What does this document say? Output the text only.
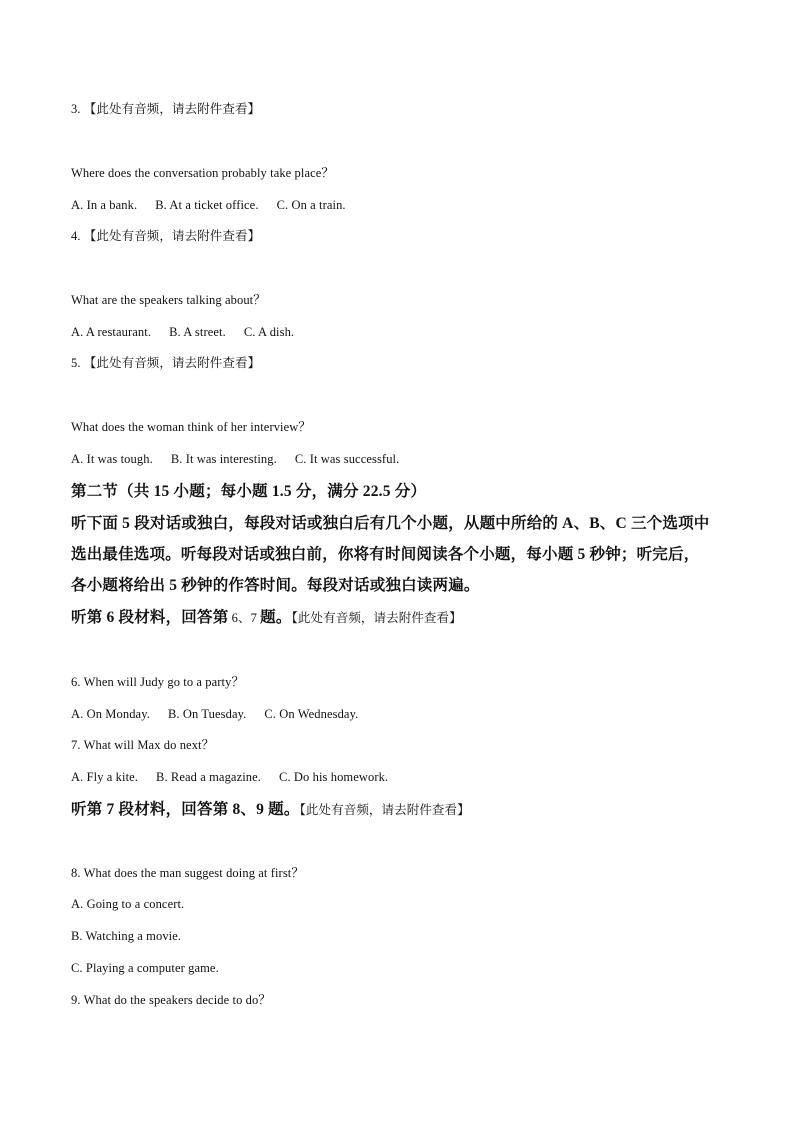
3. 【此处有音频，请去附件查看】
Where does the conversation probably take place？
A. In a bank. B. At a ticket office. C. On a train.
4. 【此处有音频，请去附件查看】
What are the speakers talking about？
A. A restaurant. B. A street. C. A dish.
5. 【此处有音频，请去附件查看】
What does the woman think of her interview？
A. It was tough. B. It was interesting. C. It was successful.
第二节（共 15 小题；每小题 1.5 分，满分 22.5 分）
听下面 5 段对话或独白，每段对话或独白后有几个小题，从题中所给的 A、B、C 三个选项中
选出最佳选项。听每段对话或独白前，你将有时间阅读各个小题，每小题 5 秒钟；听完后，
各小题将给出 5 秒钟的作答时间。每段对话或独白读两遍。
听第 6 段材料，回答第 6、7 题。【此处有音频，请去附件查看】
6. When will Judy go to a party？
A. On Monday. B. On Tuesday. C. On Wednesday.
7. What will Max do next？
A. Fly a kite. B. Read a magazine. C. Do his homework.
听第 7 段材料，回答第 8、9 题。【此处有音频，请去附件查看】
8. What does the man suggest doing at first？
A. Going to a concert.
B. Watching a movie.
C. Playing a computer game.
9. What do the speakers decide to do？
